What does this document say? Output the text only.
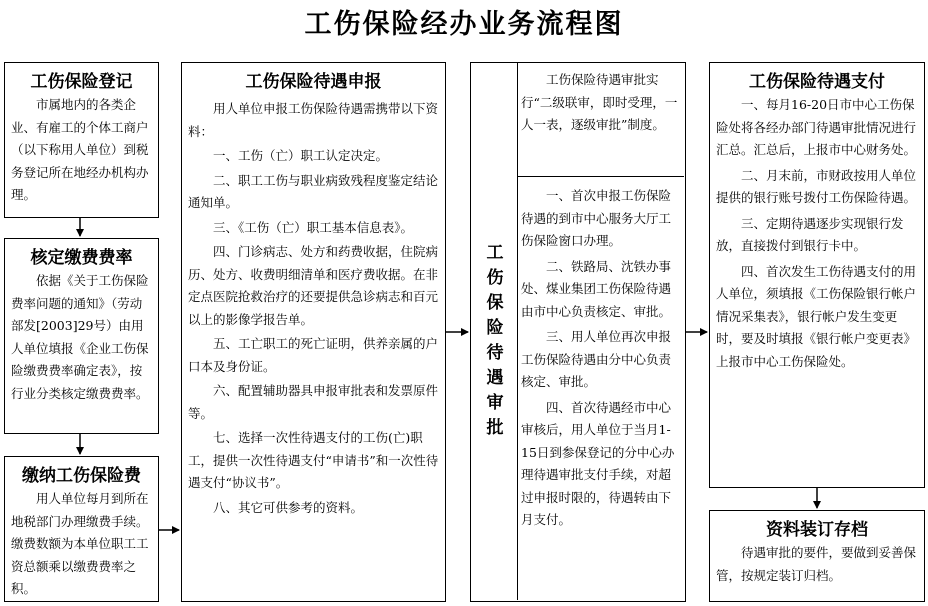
工伤保险经办业务流程图
工伤保险登记

市属地内的各类企业、有雇工的个体工商户（以下称用人单位）到税务登记所在地经办机构办理。

核定缴费费率

依据《关于工伤保险费率问题的通知》（劳动部发[2003]29号）由用人单位填报《企业工伤保险缴费费率确定表》，按行业分类核定缴费费率。

缴纳工伤保险费

用人单位每月到所在地税部门办理缴费手续。缴费数额为本单位职工工资总额乘以缴费费率之积。

工伤保险待遇申报

用人单位申报工伤保险待遇需携带以下资料：

一、工伤（亡）职工认定决定。

二、职工工伤与职业病致残程度鉴定结论通知单。

三、《工伤（亡）职工基本信息表》。

四、门诊病志、处方和药费收据，住院病历、处方、收费明细清单和医疗费收据。在非定点医院抢救治疗的还要提供急诊病志和百元以上的影像学报告单。

五、工亡职工的死亡证明，供养亲属的户口本及身份证。

六、配置辅助器具申报审批表和发票原件等。

七、选择一次性待遇支付的工伤(亡)职工，提供一次性待遇支付“申请书”和一次性待遇支付“协议书”。

八、其它可供参考的资料。

工
伤
保
险
待
遇
审
批

工伤保险待遇审批实行“二级联审，即时受理，一人一表，逐级审批”制度。

一、首次申报工伤保险待遇的到市中心服务大厅工伤保险窗口办理。

二、铁路局、沈铁办事处、煤业集团工伤保险待遇由市中心负责核定、审批。

三、用人单位再次申报工伤保险待遇由分中心负责核定、审批。

四、首次待遇经市中心审核后，用人单位于当月1-15日到参保登记的分中心办理待遇审批支付手续，对超过申报时限的，待遇转由下月支付。

工伤保险待遇支付

一、每月16-20日市中心工伤保险处将各经办部门待遇审批情况进行汇总。汇总后，上报市中心财务处。

二、月末前，市财政按用人单位提供的银行账号拨付工伤保险待遇。

三、定期待遇逐步实现银行发放，直接拨付到银行卡中。

四、首次发生工伤待遇支付的用人单位，须填报《工伤保险银行帐户情况采集表》，银行帐户发生变更时，要及时填报《银行帐户变更表》上报市中心工伤保险处。

资料装订存档

待遇审批的要件，要做到妥善保管，按规定装订归档。
